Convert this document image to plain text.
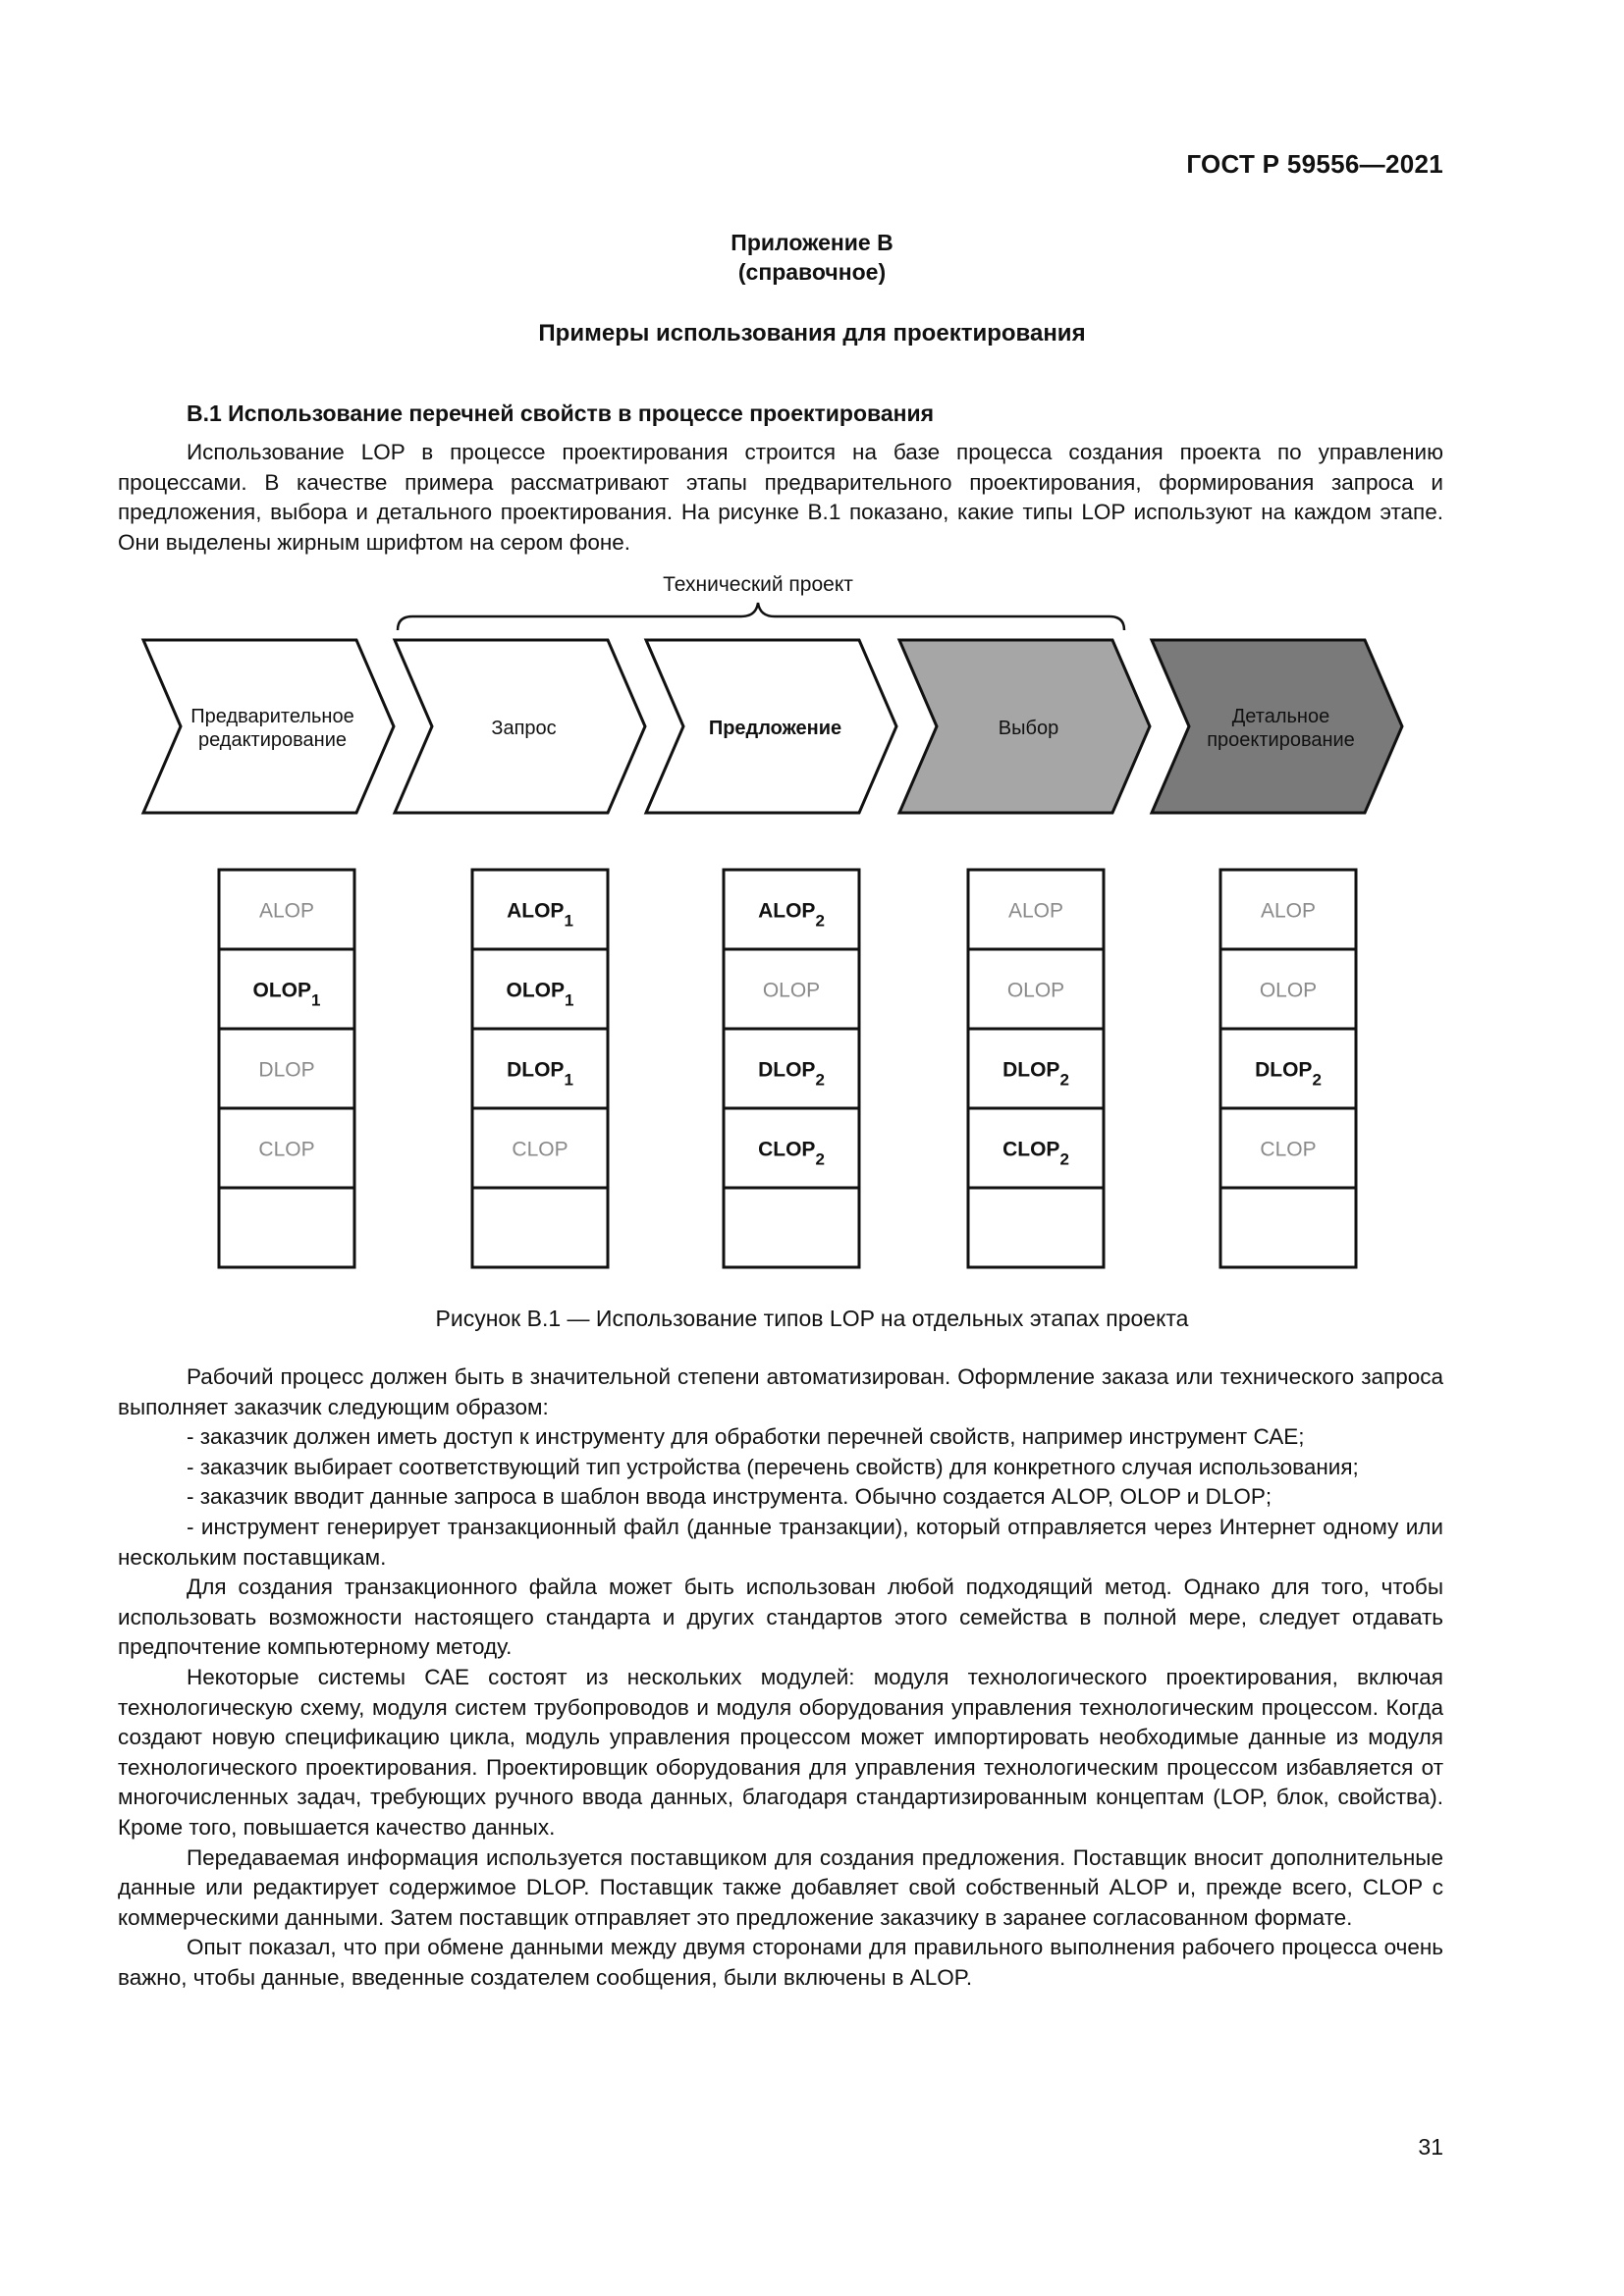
ГОСТ Р 59556—2021
Приложение В
(справочное)
Примеры использования для проектирования
В.1 Использование перечней свойств в процессе проектирования

Использование LOP в процессе проектирования строится на базе процесса создания проекта по управлению процессами. В качестве примера рассматривают этапы предварительного проектирования, формирования запроса и предложения, выбора и детального проектирования. На рисунке В.1 показано, какие типы LOP используют на каждом этапе. Они выделены жирным шрифтом на сером фоне.

Технический проект
Предварительное
редактирование
Запрос	Предложение	Выбор
Детальное
проектирование
ALOP
$OLOP_1$
DLOP
CLOP
$ALOP_1$
$OLOP_1$
$DLOP_1$
CLOP
$ALOP_2$
OLOP
$DLOP_2$
$CLOP_2$
ALOP
OLOP
$DLOP_2$
$CLOP_2$
ALOP
OLOP
$DLOP_2$
CLOP
Рисунок В.1 — Использование типов LOP на отдельных этапах проекта

Рабочий процесс должен быть в значительной степени автоматизирован. Оформление заказа или технического запроса выполняет заказчик следующим образом:

- заказчик должен иметь доступ к инструменту для обработки перечней свойств, например инструмент САЕ;

- заказчик выбирает соответствующий тип устройства (перечень свойств) для конкретного случая использования;

- заказчик вводит данные запроса в шаблон ввода инструмента. Обычно создается ALOP, OLOP и DLOP;

- инструмент генерирует транзакционный файл (данные транзакции), который отправляется через Интернет одному или нескольким поставщикам.

Для создания транзакционного файла может быть использован любой подходящий метод. Однако для того, чтобы использовать возможности настоящего стандарта и других стандартов этого семейства в полной мере, следует отдавать предпочтение компьютерному методу.

Некоторые системы САЕ состоят из нескольких модулей: модуля технологического проектирования, включая технологическую схему, модуля систем трубопроводов и модуля оборудования управления технологическим процессом. Когда создают новую спецификацию цикла, модуль управления процессом может импортировать необходимые данные из модуля технологического проектирования. Проектировщик оборудования для управления технологическим процессом избавляется от многочисленных задач, требующих ручного ввода данных, благодаря стандартизированным концептам (LOP, блок, свойства). Кроме того, повышается качество данных.

Передаваемая информация используется поставщиком для создания предложения. Поставщик вносит дополнительные данные или редактирует содержимое DLOP. Поставщик также добавляет свой собственный ALOP и, прежде всего, CLOP с коммерческими данными. Затем поставщик отправляет это предложение заказчику в заранее согласованном формате.

Опыт показал, что при обмене данными между двумя сторонами для правильного выполнения рабочего процесса очень важно, чтобы данные, введенные создателем сообщения, были включены в ALOP.

31
